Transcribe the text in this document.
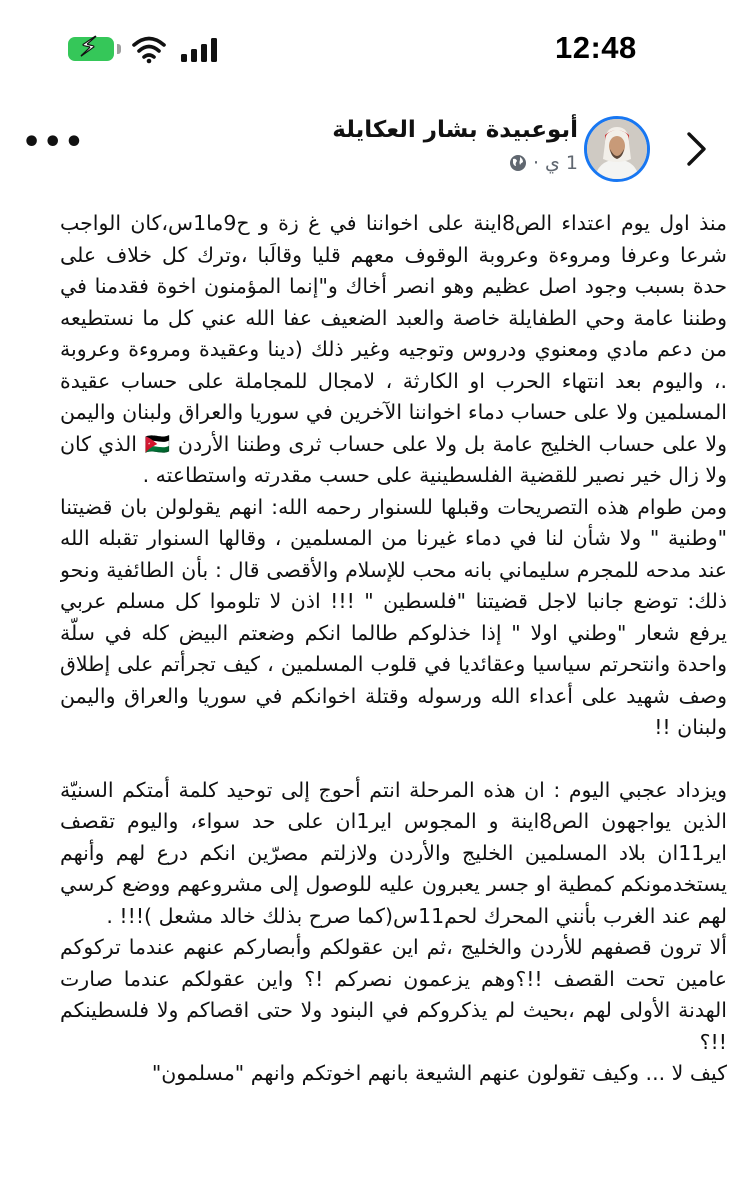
⚡	12:48
•••	أبوعبيدة بشار العكايلة
1 ي
·

منذ اول يوم اعتداء الص8اينة على اخواننا في غ زة و ح9ما1س،كان الواجب شرعا وعرفا ومروءة وعروبة الوقوف معهم قليا وقالَبا ،وترك كل خلاف على حدة بسبب وجود اصل عظيم وهو انصر أخاك و"إنما المؤمنون اخوة فقدمنا في وطننا عامة وحي الطفايلة خاصة والعبد الضعيف عفا الله عني كل ما نستطيعه من دعم مادي ومعنوي ودروس وتوجيه وغير ذلك (دينا وعقيدة ومروءة وعروبة .، واليوم بعد انتهاء الحرب او الكارثة ، لامجال للمجاملة على حساب عقيدة المسلمين ولا على حساب دماء اخواننا الآخرين في سوريا والعراق ولبنان واليمن ولا على حساب الخليج عامة بل ولا على حساب ثرى وطننا الأردن 🇯🇴 الذي كان ولا زال خير نصير للقضية الفلسطينية على حسب مقدرته واستطاعته .

ومن طوام هذه التصريحات وقبلها للسنوار رحمه الله: انهم يقولولن بان قضيتنا "وطنية " ولا شأن لنا في دماء غيرنا من المسلمين ، وقالها السنوار تقبله الله عند مدحه للمجرم سليماني بانه محب للإسلام والأقصى قال : بأن الطائفية ونحو ذلك: توضع جانبا لاجل قضيتنا "فلسطين " !!! اذن لا تلوموا كل مسلم عربي يرفع شعار "وطني اولا " إذا خذلوكم طالما انكم وضعتم البيض كله في سلّة واحدة وانتحرتم سياسيا وعقائديا في قلوب المسلمين ، كيف تجرأتم على إطلاق وصف شهيد على أعداء الله ورسوله وقتلة اخوانكم في سوريا والعراق واليمن ولبنان !!

ويزداد عجبي اليوم : ان هذه المرحلة انتم أحوج إلى توحيد كلمة أمتكم السنيّة الذين يواجهون الص8اينة و المجوس اير1ان على حد سواء، واليوم تقصف اير11ان بلاد المسلمين الخليج والأردن ولازلتم مصرّين انكم درع لهم وأنهم يستخدمونكم كمطية او جسر يعبرون عليه للوصول إلى مشروعهم ووضع كرسي لهم عند الغرب بأنني المحرك لحم11س(كما صرح بذلك خالد مشعل )!!! .

ألا ترون قصفهم للأردن والخليج ،ثم اين عقولكم وأبصاركم عنهم عندما تركوكم عامين تحت القصف !!؟وهم يزعمون نصركم !؟ واين عقولكم عندما صارت الهدنة الأولى لهم ،بحيث لم يذكروكم في البنود ولا حتى اقصاكم ولا فلسطينكم !!؟

كيف لا ... وكيف تقولون عنهم الشيعة بانهم اخوتكم وانهم "مسلمون"
